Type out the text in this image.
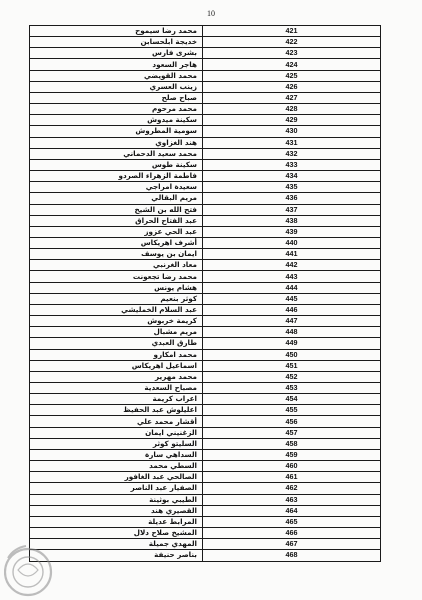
10
محمد رضا سيموح	421
خديجة ابلحسابن	422
بشرى فارس	423
هاجر السعود	424
محمد القويضي	425
زينب العسري	426
صباح صلح	427
محمد مرحوم	428
سكينة ميدوش	429
سومية المطروش	430
هند الغزاوي	431
محمد سعيد الدحماني	432
سكينة طوس	433
فاطمة الزهراء الصردو	434
سعيدة امراجي	435
مريم البقالي	436
فتح الله بن الشيخ	437
عبد الفتاح الحراق	438
عبد الحي عزوز	439
أشرف اهريكاس	440
ايمان بن يوسف	441
معاد الغرنبي	442
محمد رضا تجعونت	443
هشام يونس	444
كوثر بنعيم	445
عبد السلام الخمليشي	446
كريمة خربوش	447
مريم مشبال	448
طارق العبدي	449
محمد امكارو	450
اسماعيل اهريكاس	451
محمد مهرير	452
مصباح السعدية	453
اعراب كريمة	454
اعليلوش عبد الحفيظ	455
أقشار محمد علي	456
الزغنيني ايمان	457
السليتو كوثر	458
السداهي سارة	459
السطي محمد	460
الصالحي عبد الغافور	461
الصفيار عبد الناصر	462
الطيبي بوثينة	463
القصيري هند	464
المرابط عديلة	465
المشيخ صلاح دلال	466
المهدي جميلة	467
بناصر حنيفة	468
